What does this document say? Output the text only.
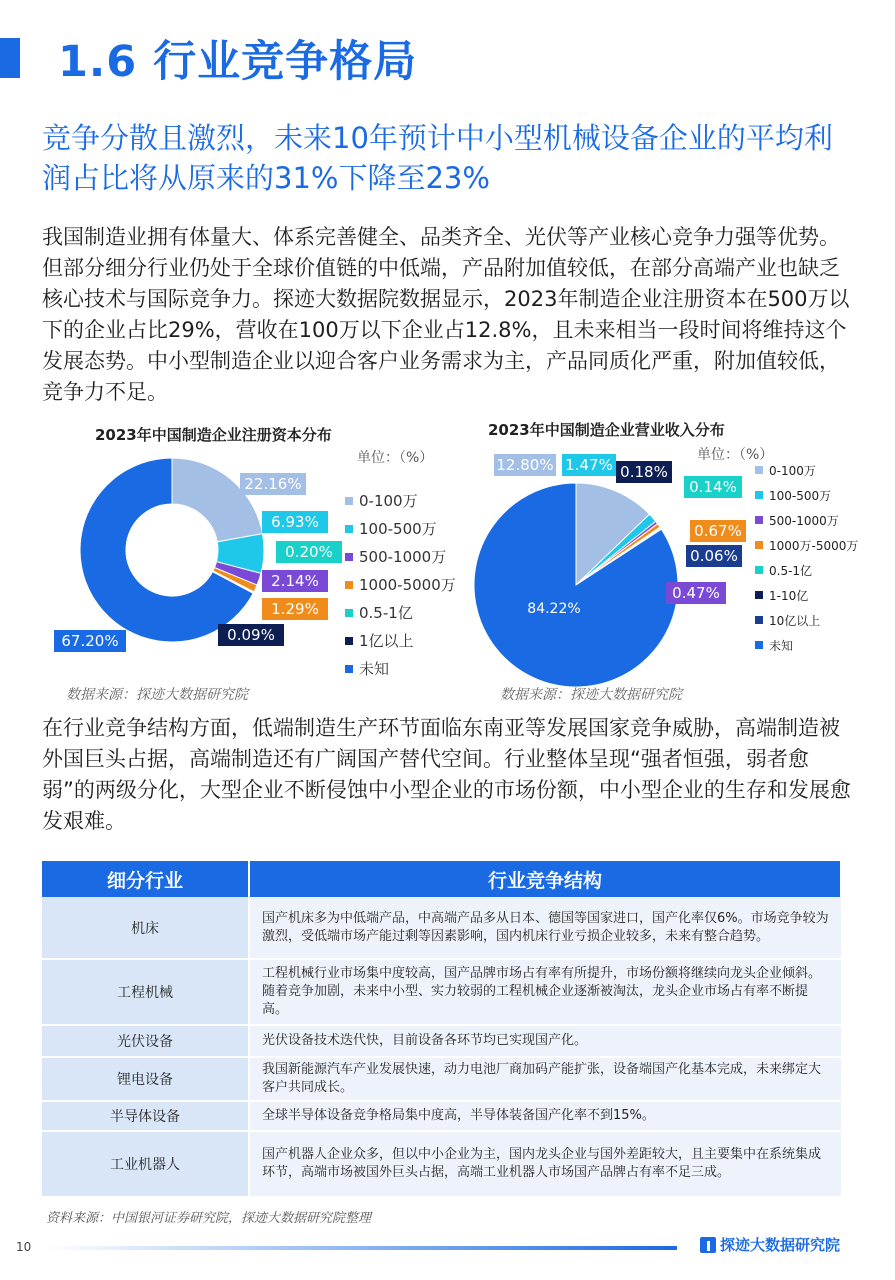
1.6 行业竞争格局
竞争分散且激烈，未来10年预计中小型机械设备企业的平均利润占比将从原来的31%下降至23%
我国制造业拥有体量大、体系完善健全、品类齐全、光伏等产业核心竞争力强等优势。但部分细分行业仍处于全球价值链的中低端，产品附加值较低，在部分高端产业也缺乏核心技术与国际竞争力。探迹大数据院数据显示，2023年制造企业注册资本在500万以下的企业占比29%，营收在100万以下企业占12.8%，且未来相当一段时间将维持这个发展态势。中小型制造企业以迎合客户业务需求为主，产品同质化严重，附加值较低，竞争力不足。
2023年中国制造企业注册资本分布
单位：（%）
22.16%
6.93%
0.20%
2.14%
1.29%
0.09%
67.20%
0-100万
100-500万
500-1000万
1000-5000万
0.5-1亿
1亿以上
未知
数据来源：探迹大数据研究院
2023年中国制造企业营业收入分布
单位：（%）
12.80% 1.47% 0.18%
0.14%
0.67%
0.06%
0.47%
84.22%
0-100万
100-500万
500-1000万
1000万-5000万
0.5-1亿
1-10亿
10亿以上
未知
数据来源：探迹大数据研究院
在行业竞争结构方面，低端制造生产环节面临东南亚等发展国家竞争威胁，高端制造被外国巨头占据，高端制造还有广阔国产替代空间。行业整体呈现“强者恒强，弱者愈弱”的两级分化，大型企业不断侵蚀中小型企业的市场份额，中小型企业的生存和发展愈发艰难。
细分行业	行业竞争结构
机床	国产机床多为中低端产品，中高端产品多从日本、德国等国家进口，国产化率仅6%。市场竞争较为激烈，受低端市场产能过剩等因素影响，国内机床行业亏损企业较多，未来有整合趋势。
工程机械	工程机械行业市场集中度较高，国产品牌市场占有率有所提升，市场份额将继续向龙头企业倾斜。随着竞争加剧，未来中小型、实力较弱的工程机械企业逐渐被淘汰，龙头企业市场占有率不断提高。
光伏设备	光伏设备技术迭代快，目前设备各环节均已实现国产化。
锂电设备	我国新能源汽车产业发展快速，动力电池厂商加码产能扩张，设备端国产化基本完成，未来绑定大客户共同成长。
半导体设备	全球半导体设备竞争格局集中度高，半导体装备国产化率不到15%。
工业机器人	国产机器人企业众多，但以中小企业为主，国内龙头企业与国外差距较大，且主要集中在系统集成环节，高端市场被国外巨头占据，高端工业机器人市场国产品牌占有率不足三成。
资料来源：中国银河证券研究院，探迹大数据研究院整理
10	探迹大数据研究院
